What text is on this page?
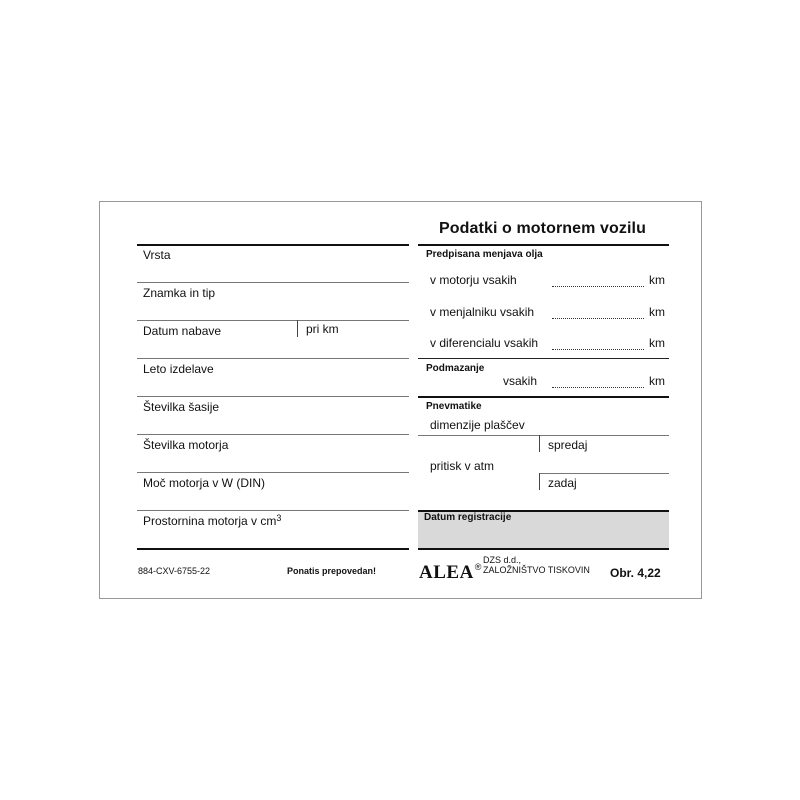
Podatki o motornem vozilu
Vrsta
Znamka in tip
Datum nabave	pri km
Leto izdelave
Številka šasije
Številka motorja
Moč motorja v W (DIN)
Prostornina motorja v $cm^3$
Predpisana menjava olja
v motorju vsakih	km
v menjalniku vsakih	km
v diferencialu vsakih	km
Podmazanje
vsakih	km
Pnevmatike
dimenzije plaščev
spredaj
pritisk v atm
zadaj
Datum registracije
884-CXV-6755-22	Ponatis prepovedan! ALEA®
DZS d.d.,
ZALOŽNIŠTVO TISKOVIN Obr. 4,22
